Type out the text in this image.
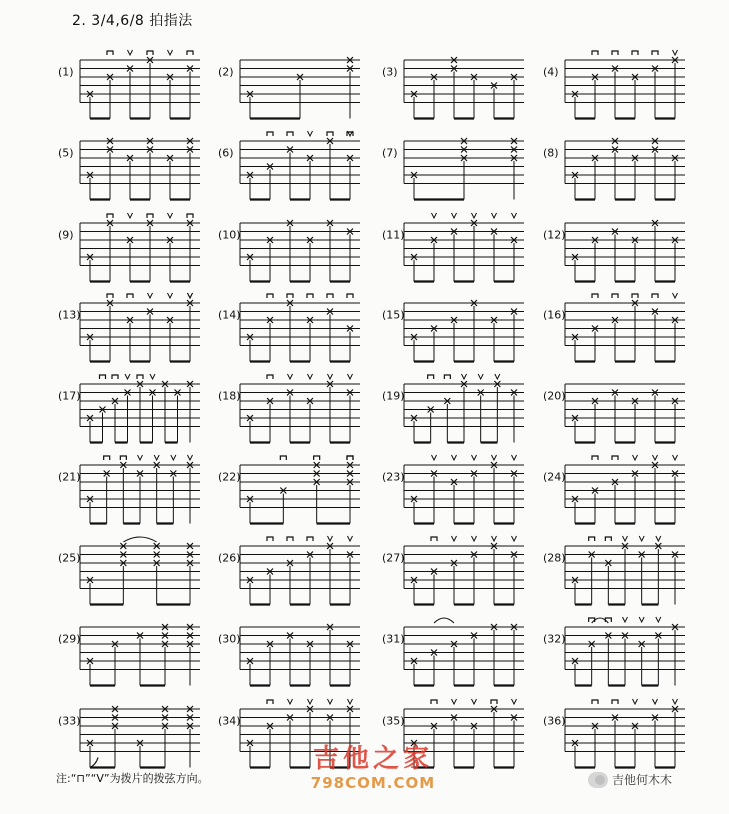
2. 3/4,6/8 拍指法
(1)	(2)	(3)	(4)
(5)	(6)	(7)	(8)
(9)	(10)	(11)	(12)
(13)	(14)	(15)	(16)
(17)	(18)	(19)	(20)
(21)	(22)	(23)	(24)
(25)	(26)	(27)	(28)
(29)	(30)	(31)	(32)
(33)	(34)	(35)	(36)
注:“⊓”“V”为拨片的拨弦方向。
吉他之家
798COM.COM	吉他何木木
